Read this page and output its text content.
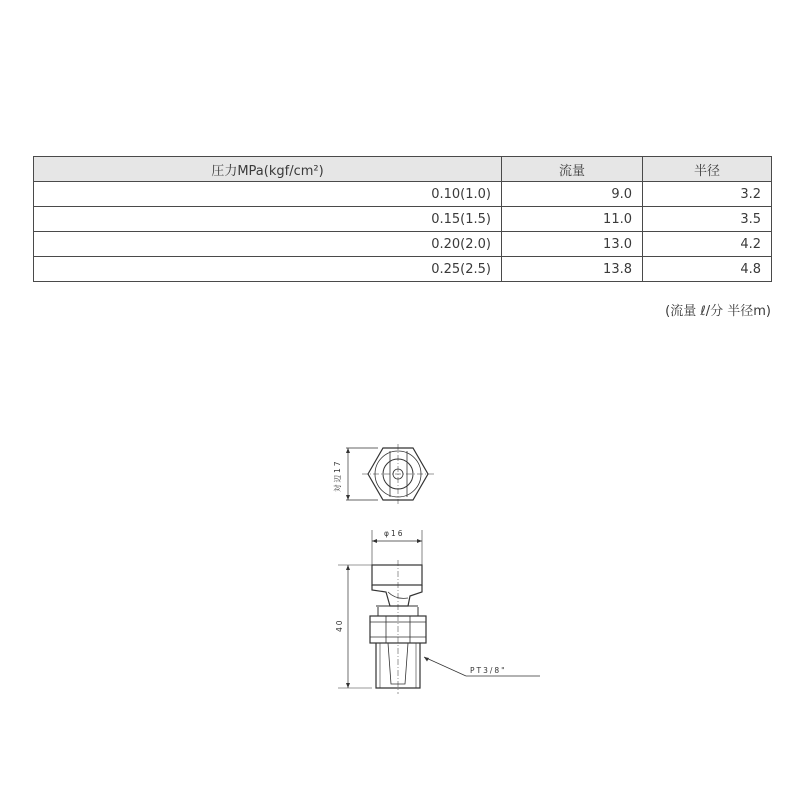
圧力MPa(kgf/cm²)	流量	半径
0.10(1.0)	9.0	3.2
0.15(1.5)	11.0	3.5
0.20(2.0)	13.0	4.2
0.25(2.5)	13.8	4.8
(流量 ℓ/分 半径m)
対辺17
φ16
40
PT3/8"
